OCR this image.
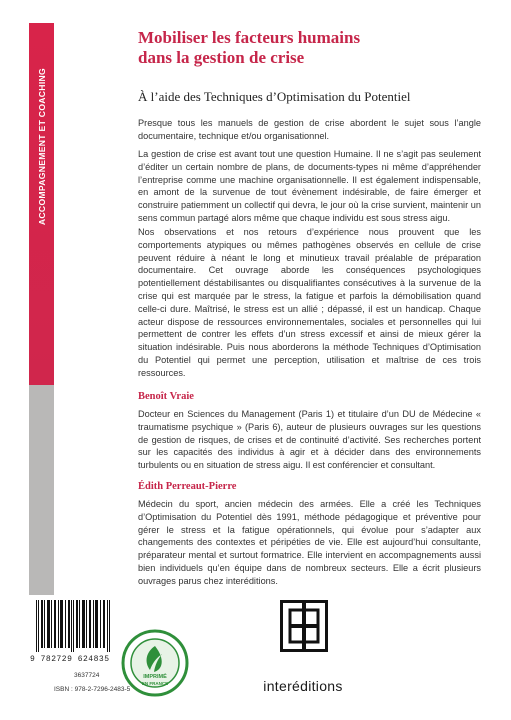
ACCOMPAGNEMENT ET COACHING
Mobiliser les facteurs humains
dans la gestion de crise
À l’aide des Techniques d’Optimisation du Potentiel

Presque tous les manuels de gestion de crise abordent le sujet sous l’angle documentaire, technique et/ou organisationnel.

La gestion de crise est avant tout une question Humaine. Il ne s’agit pas seulement d’éditer un certain nombre de plans, de documents-types ni même d’appréhender l’entreprise comme une machine organisationnelle. Il est également indispensable, en amont de la survenue de tout évènement indésirable, de faire émerger et construire patiemment un collectif qui devra, le jour où la crise survient, maintenir un sens commun partagé alors même que chaque individu est sous stress aigu.

Nos observations et nos retours d’expérience nous prouvent que les comportements atypiques ou mêmes pathogènes observés en cellule de crise peuvent réduire à néant le long et minutieux travail préalable de préparation documentaire. Cet ouvrage aborde les conséquences psychologiques potentiellement déstabilisantes ou disqualifiantes consécutives à la survenue de la crise qui est marquée par le stress, la fatigue et parfois la démobilisation quand celle-ci dure. Maîtrisé, le stress est un allié ; dépassé, il est un handicap. Chaque acteur dispose de ressources environnementales, sociales et personnelles qui lui permettent de contrer les effets d’un stress excessif et ainsi de mieux gérer la situation indésirable. Puis nous aborderons la méthode Techniques d’Optimisation du Potentiel qui permet une perception, utilisation et maîtrise de ces trois ressources.

Benoît Vraie

Docteur en Sciences du Management (Paris 1) et titulaire d’un DU de Médecine « traumatisme psychique » (Paris 6), auteur de plusieurs ouvrages sur les questions de gestion de risques, de crises et de continuité d’activité. Ses recherches portent sur les capacités des individus à agir et à décider dans des environnements turbulents ou en situation de stress aigu. Il est conférencier et consultant.

Édith Perreaut-Pierre

Médecin du sport, ancien médecin des armées. Elle a créé les Techniques d’Optimisation du Potentiel dès 1991, méthode pédagogique et préventive pour gérer le stress et la fatigue opérationnels, qui évolue pour s’adapter aux changements des contextes et péripéties de vie. Elle est aujourd’hui consultante, préparateur mental et surtout formatrice. Elle intervient en accompagnements aussi bien individuels qu’en équipe dans de nombreux secteurs. Elle a écrit plusieurs ouvrages parus chez interéditions.

9 782729 624835
3637724
ISBN : 978-2-7296-2483-5
IMPRIMÉ
EN FRANCE	interéditions
